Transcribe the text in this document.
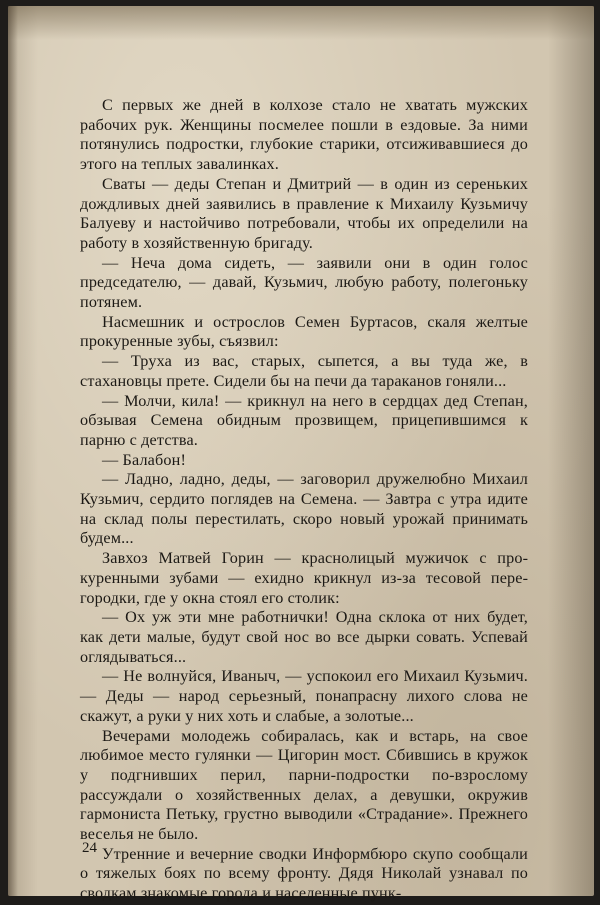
С первых же дней в колхозе стало не хватать мужских рабочих рук. Женщины посмелее пошли в ездовые. За ними потянулись подростки, глубокие старики, отсиживавшиеся до этого на теплых завалинках.

Сваты — деды Степан и Дмитрий — в один из сереньких дождливых дней заявились в правление к Михаилу Кузьмичу Балуеву и настойчиво потребовали, чтобы их определили на работу в хозяйственную бригаду.

— Неча дома сидеть, — заявили они в один голос председателю, — давай, Кузьмич, любую работу, полегоньку потянем.

Насмешник и острослов Семен Буртасов, скаля желтые прокуренные зубы, съязвил:

— Труха из вас, старых, сыпется, а вы туда же, в стахановцы прете. Сидели бы на печи да тараканов гоняли...

— Молчи, кила! — крикнул на него в сердцах дед Степан, обзывая Семена обидным прозвищем, прицепившимся к парню с детства.

— Балабон!

— Ладно, ладно, деды, — заговорил дружелюбно Михаил Кузьмич, сердито поглядев на Семена. — Завтра с утра идите на склад полы перестилать, скоро новый урожай принимать будем...

Завхоз Матвей Горин — краснолицый мужичок с прокуренными зубами — ехидно крикнул из-за тесовой перегородки, где у окна стоял его столик:

— Ох уж эти мне работнички! Одна склока от них будет, как дети малые, будут свой нос во все дырки совать. Успевай оглядываться...

— Не волнуйся, Иваныч, — успокоил его Михаил Кузьмич. — Деды — народ серьезный, понапрасну лихого слова не скажут, а руки у них хоть и слабые, а золотые...

Вечерами молодежь собиралась, как и встарь, на свое любимое место гулянки — Цигорин мост. Сбившись в кружок у подгнивших перил, парни-подростки по-взрослому рассуждали о хозяйственных делах, а девушки, окружив гармониста Петьку, грустно выводили «Страдание». Прежнего веселья не было.

Утренние и вечерние сводки Информбюро скупо сообщали о тяжелых боях по всему фронту. Дядя Николай узнавал по сводкам знакомые города и населенные пунк-

24
